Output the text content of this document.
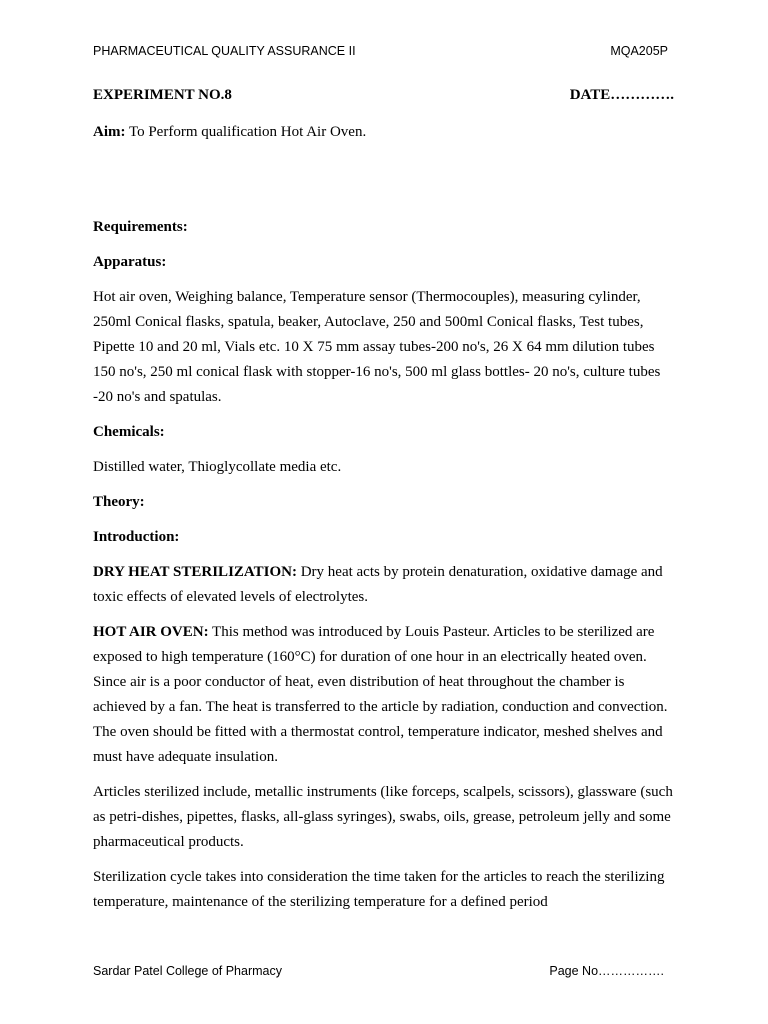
PHARMACEUTICAL QUALITY ASSURANCE II	MQA205P
EXPERIMENT NO.8	DATE………….

Aim: To Perform qualification Hot Air Oven.

Requirements:

Apparatus:

Hot air oven, Weighing balance, Temperature sensor (Thermocouples), measuring cylinder, 250ml Conical flasks, spatula, beaker, Autoclave, 250 and 500ml Conical flasks, Test tubes, Pipette 10 and 20 ml, Vials etc. 10 X 75 mm assay tubes-200 no's, 26 X 64 mm dilution tubes 150 no's, 250 ml conical flask with stopper-16 no's, 500 ml glass bottles- 20 no's, culture tubes -20 no's and spatulas.

Chemicals:

Distilled water, Thioglycollate media etc.

Theory:

Introduction:

DRY HEAT STERILIZATION: Dry heat acts by protein denaturation, oxidative damage and toxic effects of elevated levels of electrolytes.

HOT AIR OVEN: This method was introduced by Louis Pasteur. Articles to be sterilized are exposed to high temperature (160°C) for duration of one hour in an electrically heated oven. Since air is a poor conductor of heat, even distribution of heat throughout the chamber is achieved by a fan. The heat is transferred to the article by radiation, conduction and convection. The oven should be fitted with a thermostat control, temperature indicator, meshed shelves and must have adequate insulation.

Articles sterilized include, metallic instruments (like forceps, scalpels, scissors), glassware (such as petri-dishes, pipettes, flasks, all-glass syringes), swabs, oils, grease, petroleum jelly and some pharmaceutical products.

Sterilization cycle takes into consideration the time taken for the articles to reach the sterilizing temperature, maintenance of the sterilizing temperature for a defined period

Sardar Patel College of Pharmacy	Page No…………….
